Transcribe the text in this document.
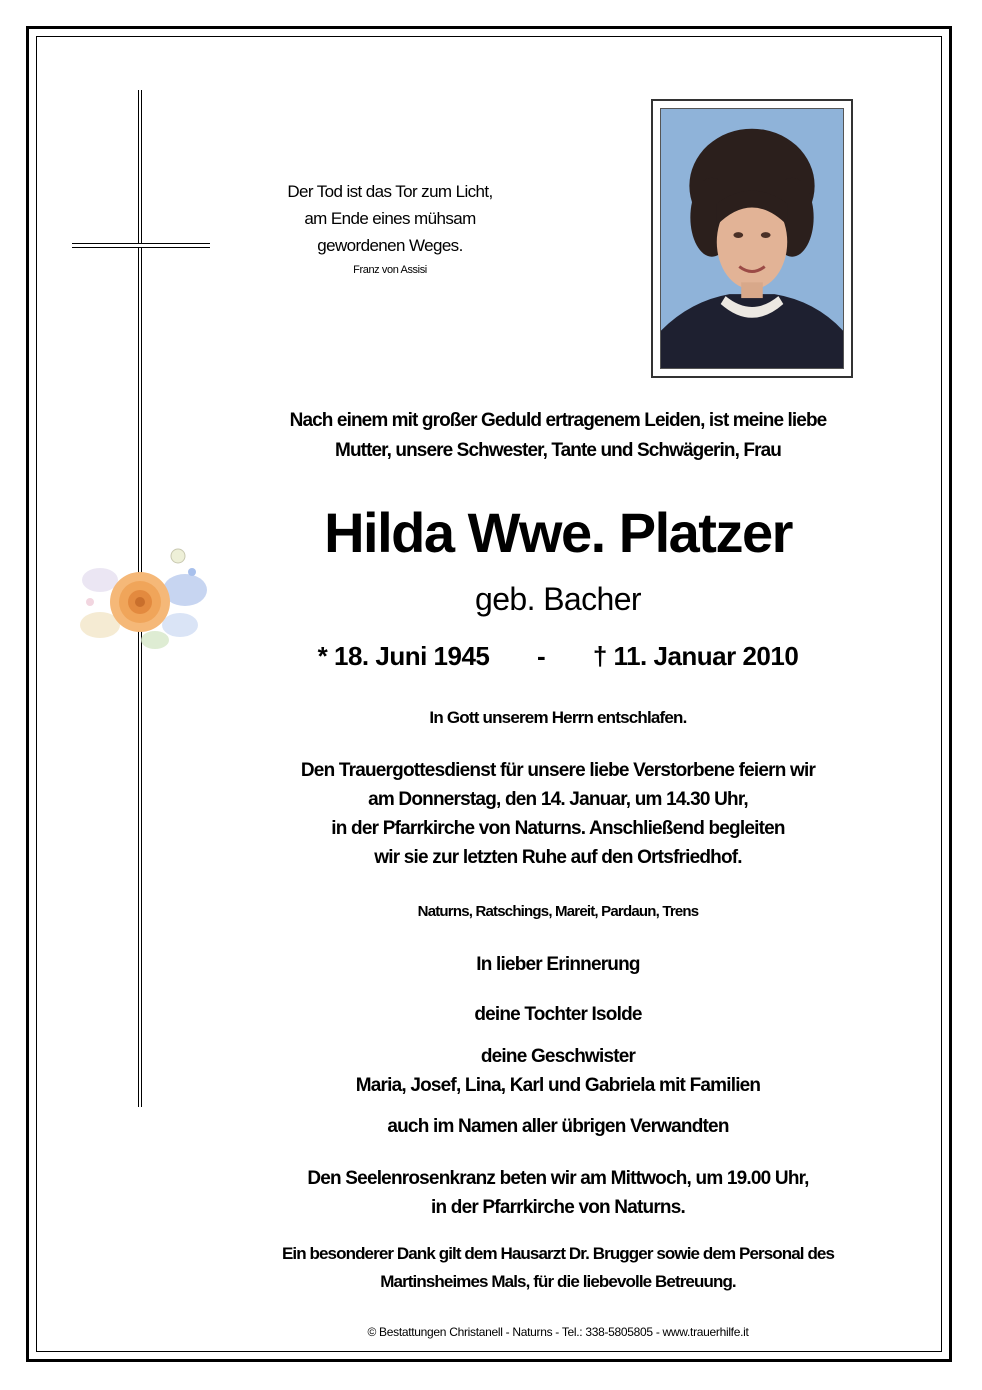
Der Tod ist das Tor zum Licht,
am Ende eines mühsam
gewordenen Weges.
Franz von Assisi
Nach einem mit großer Geduld ertragenem Leiden, ist meine liebe
Mutter, unsere Schwester, Tante und Schwägerin, Frau
Hilda Wwe. Platzer
geb. Bacher
* 18. Juni 1945 - † 11. Januar 2010
In Gott unserem Herrn entschlafen.
Den Trauergottesdienst für unsere liebe Verstorbene feiern wir
am Donnerstag, den 14. Januar, um 14.30 Uhr,
in der Pfarrkirche von Naturns. Anschließend begleiten
wir sie zur letzten Ruhe auf den Ortsfriedhof.
Naturns, Ratschings, Mareit, Pardaun, Trens
In lieber Erinnerung
deine Tochter Isolde
deine Geschwister
Maria, Josef, Lina, Karl und Gabriela mit Familien
auch im Namen aller übrigen Verwandten
Den Seelenrosenkranz beten wir am Mittwoch, um 19.00 Uhr,
in der Pfarrkirche von Naturns.
Ein besonderer Dank gilt dem Hausarzt Dr. Brugger sowie dem Personal des
Martinsheimes Mals, für die liebevolle Betreuung.
© Bestattungen Christanell - Naturns - Tel.: 338-5805805 - www.trauerhilfe.it
